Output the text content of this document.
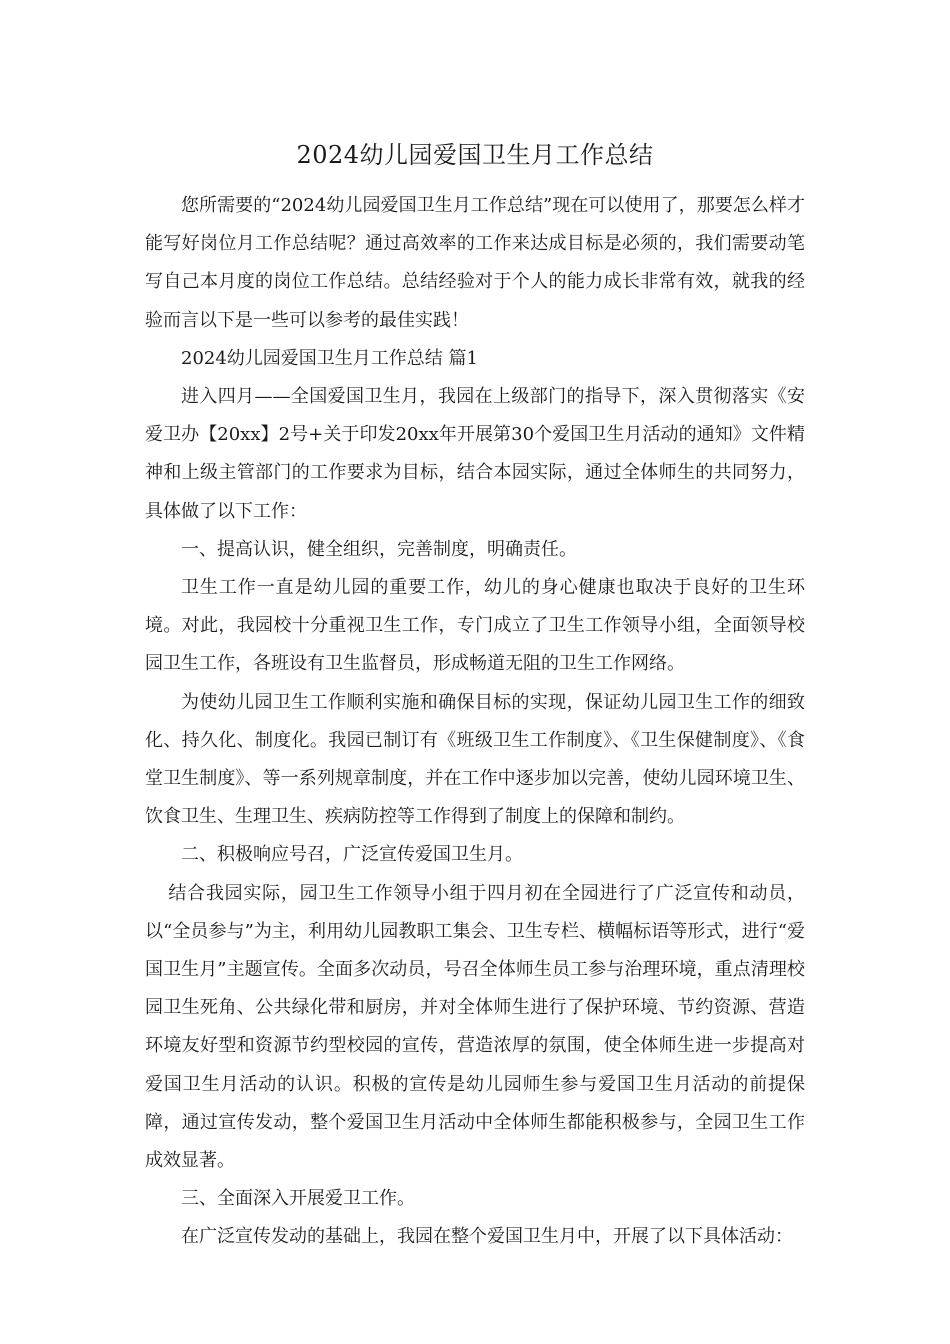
2024幼儿园爱国卫生月工作总结

您所需要的“2024幼儿园爱国卫生月工作总结”现在可以使用了，那要怎么样才能写好岗位月工作总结呢？通过高效率的工作来达成目标是必须的，我们需要动笔写自己本月度的岗位工作总结。总结经验对于个人的能力成长非常有效，就我的经验而言以下是一些可以参考的最佳实践！

2024幼儿园爱国卫生月工作总结 篇1

进入四月——全国爱国卫生月，我园在上级部门的指导下，深入贯彻落实《安爱卫办【20xx】2号+关于印发20xx年开展第30个爱国卫生月活动的通知》文件精神和上级主管部门的工作要求为目标，结合本园实际，通过全体师生的共同努力，具体做了以下工作：

一、提高认识，健全组织，完善制度，明确责任。

卫生工作一直是幼儿园的重要工作，幼儿的身心健康也取决于良好的卫生环境。对此，我园校十分重视卫生工作，专门成立了卫生工作领导小组，全面领导校园卫生工作，各班设有卫生监督员，形成畅道无阻的卫生工作网络。

为使幼儿园卫生工作顺利实施和确保目标的实现，保证幼儿园卫生工作的细致化、持久化、制度化。我园已制订有《班级卫生工作制度》、《卫生保健制度》、《食堂卫生制度》、等一系列规章制度，并在工作中逐步加以完善，使幼儿园环境卫生、饮食卫生、生理卫生、疾病防控等工作得到了制度上的保障和制约。

二、积极响应号召，广泛宣传爱国卫生月。

结合我园实际，园卫生工作领导小组于四月初在全园进行了广泛宣传和动员，以“全员参与”为主，利用幼儿园教职工集会、卫生专栏、横幅标语等形式，进行“爱国卫生月”主题宣传。全面多次动员，号召全体师生员工参与治理环境，重点清理校园卫生死角、公共绿化带和厨房，并对全体师生进行了保护环境、节约资源、营造环境友好型和资源节约型校园的宣传，营造浓厚的氛围，使全体师生进一步提高对爱国卫生月活动的认识。积极的宣传是幼儿园师生参与爱国卫生月活动的前提保障，通过宣传发动，整个爱国卫生月活动中全体师生都能积极参与，全园卫生工作成效显著。

三、全面深入开展爱卫工作。

在广泛宣传发动的基础上，我园在整个爱国卫生月中，开展了以下具体活动：
